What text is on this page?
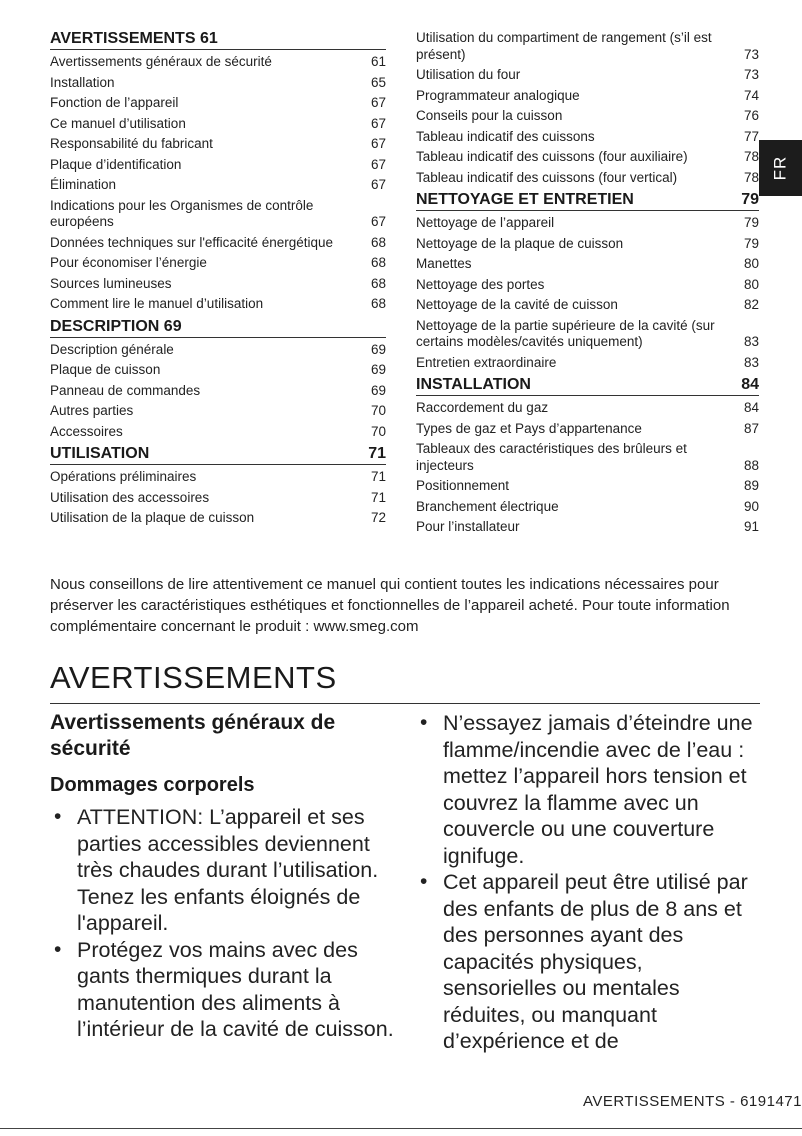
AVERTISSEMENTS 61
Avertissements généraux de sécurité	61
Installation	65
Fonction de l’appareil	67
Ce manuel d’utilisation	67
Responsabilité du fabricant	67
Plaque d’identification	67
Élimination	67
Indications pour les Organismes de contrôle européens	67
Données techniques sur l'efficacité énergétique	68
Pour économiser l’énergie	68
Sources lumineuses	68
Comment lire le manuel d’utilisation	68
DESCRIPTION 69
Description générale	69
Plaque de cuisson	69
Panneau de commandes	69
Autres parties	70
Accessoires	70
UTILISATION	71
Opérations préliminaires	71
Utilisation des accessoires	71
Utilisation de la plaque de cuisson	72
Utilisation du compartiment de rangement (s’il est présent)	73
Utilisation du four	73
Programmateur analogique	74
Conseils pour la cuisson	76
Tableau indicatif des cuissons	77
Tableau indicatif des cuissons (four auxiliaire)	78
Tableau indicatif des cuissons (four vertical)	78
NETTOYAGE ET ENTRETIEN	79
Nettoyage de l’appareil	79
Nettoyage de la plaque de cuisson	79
Manettes	80
Nettoyage des portes	80
Nettoyage de la cavité de cuisson	82
Nettoyage de la partie supérieure de la cavité (sur certains modèles/cavités uniquement)	83
Entretien extraordinaire	83
INSTALLATION	84
Raccordement du gaz	84
Types de gaz et Pays d’appartenance	87
Tableaux des caractéristiques des brûleurs et injecteurs	88
Positionnement	89
Branchement électrique	90
Pour l’installateur	91
FR

Nous conseillons de lire attentivement ce manuel qui contient toutes les indications nécessaires pour préserver les caractéristiques esthétiques et fonctionnelles de l’appareil acheté. Pour toute information complémentaire concernant le produit : www.smeg.com

AVERTISSEMENTS
Avertissements généraux de sécurité
Dommages corporels
• ATTENTION: L’appareil et ses parties accessibles deviennent très chaudes durant l’utilisation. Tenez les enfants éloignés de l'appareil.
• Protégez vos mains avec des gants thermiques durant la manutention des aliments à l’intérieur de la cavité de cuisson.
• N’essayez jamais d’éteindre une flamme/incendie avec de l’eau : mettez l’appareil hors tension et couvrez la flamme avec un couvercle ou une couverture ignifuge.
• Cet appareil peut être utilisé par des enfants de plus de 8 ans et des personnes ayant des capacités physiques, sensorielles ou mentales réduites, ou manquant d’expérience et de
AVERTISSEMENTS - 6191471
